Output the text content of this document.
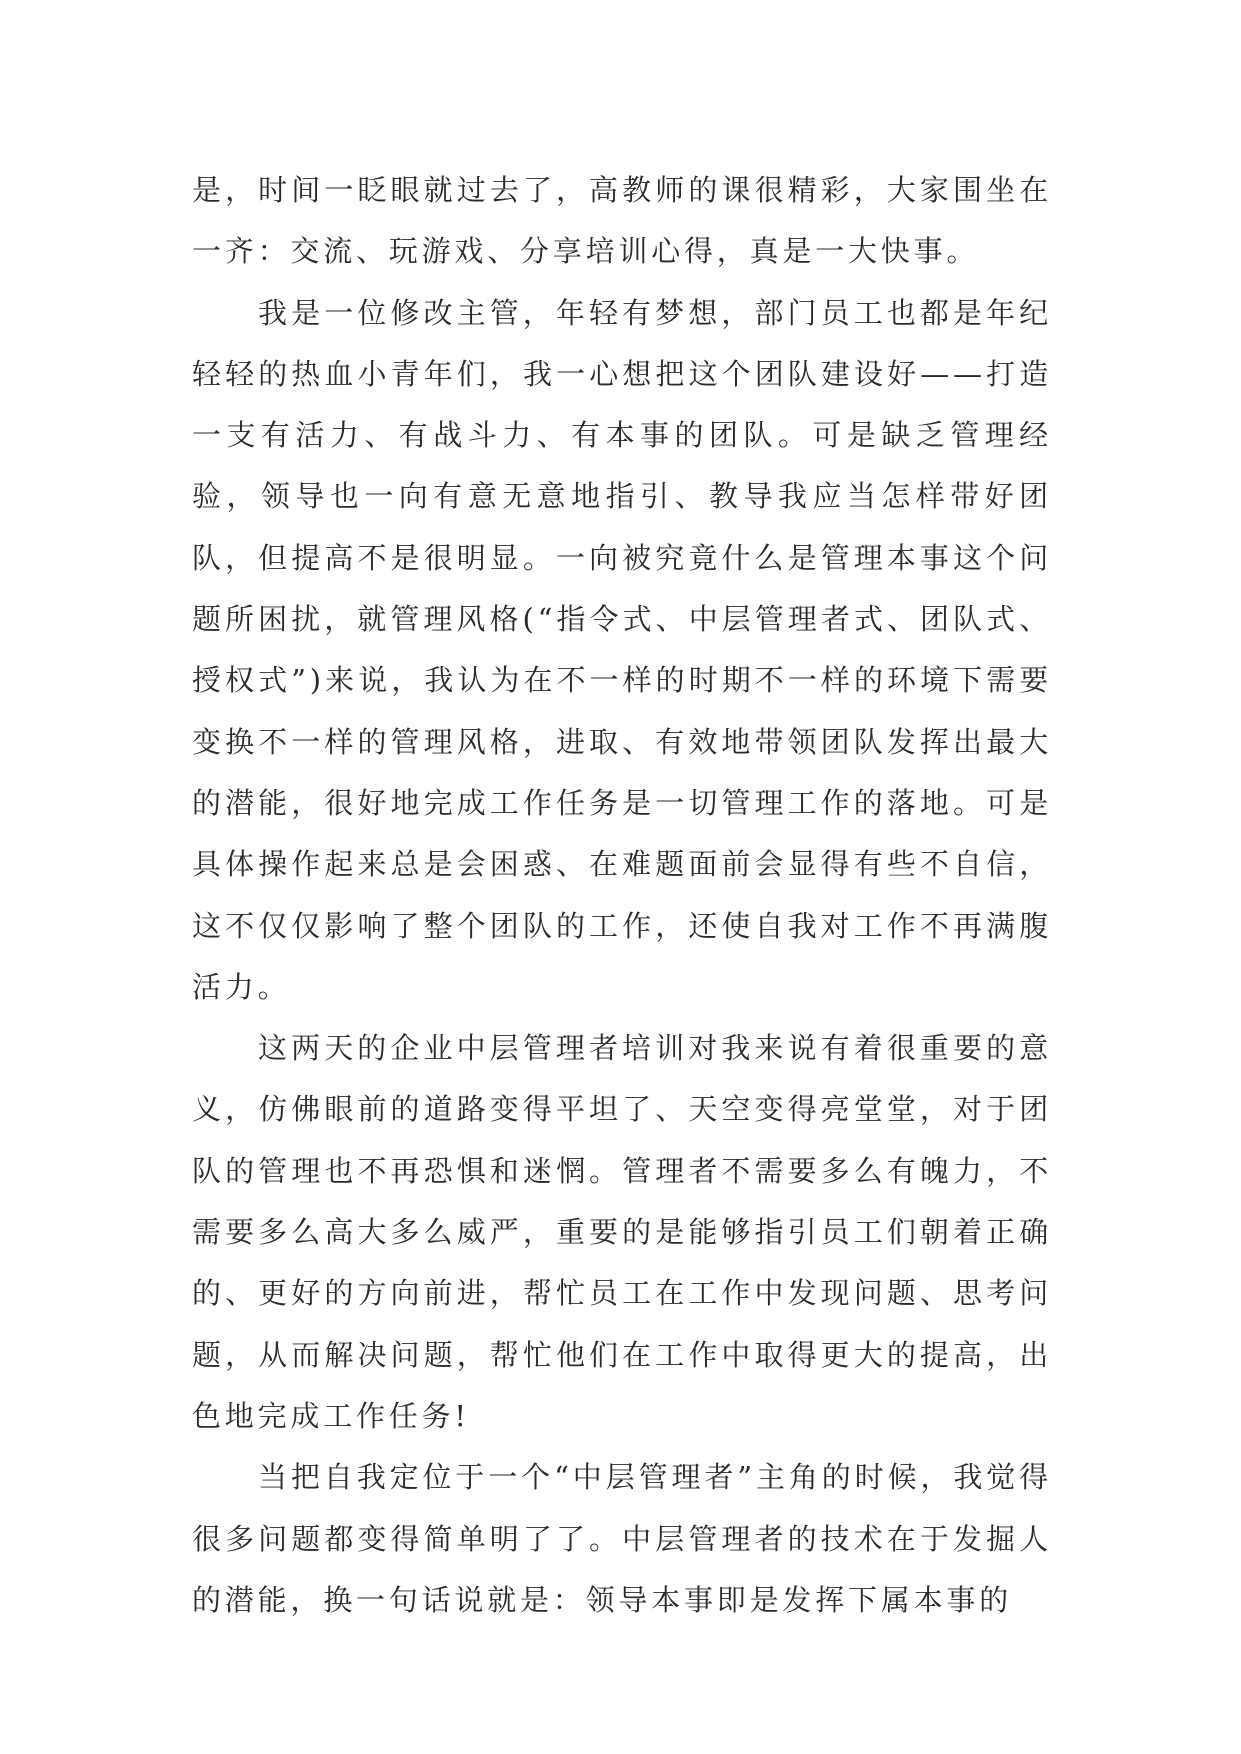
是，时间一眨眼就过去了，高教师的课很精彩，大家围坐在一齐：交流、玩游戏、分享培训心得，真是一大快事。

我是一位修改主管，年轻有梦想，部门员工也都是年纪轻轻的热血小青年们，我一心想把这个团队建设好——打造一支有活力、有战斗力、有本事的团队。可是缺乏管理经验，领导也一向有意无意地指引、教导我应当怎样带好团队，但提高不是很明显。一向被究竟什么是管理本事这个问题所困扰，就管理风格(“指令式、中层管理者式、团队式、授权式”)来说，我认为在不一样的时期不一样的环境下需要变换不一样的管理风格，进取、有效地带领团队发挥出最大的潜能，很好地完成工作任务是一切管理工作的落地。可是具体操作起来总是会困惑、在难题面前会显得有些不自信，这不仅仅影响了整个团队的工作，还使自我对工作不再满腹活力。

这两天的企业中层管理者培训对我来说有着很重要的意义，仿佛眼前的道路变得平坦了、天空变得亮堂堂，对于团队的管理也不再恐惧和迷惘。管理者不需要多么有魄力，不需要多么高大多么威严，重要的是能够指引员工们朝着正确的、更好的方向前进，帮忙员工在工作中发现问题、思考问题，从而解决问题，帮忙他们在工作中取得更大的提高，出色地完成工作任务!

当把自我定位于一个“中层管理者”主角的时候，我觉得很多问题都变得简单明了了。中层管理者的技术在于发掘人的潜能，换一句话说就是：领导本事即是发挥下属本事的
